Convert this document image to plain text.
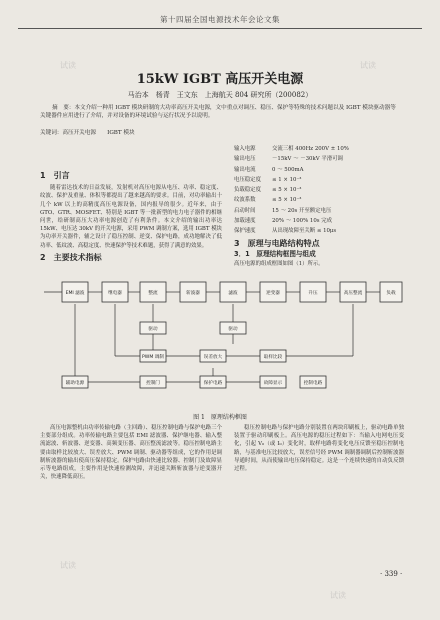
第十四届全国电源技术年会论文集
15kW IGBT 高压开关电源
马治本　杨青　王文东　上海航天 804 研究所（200082）
摘　要：本文介绍一种用 IGBT 模块研制的大功率高压开关电源，文中重点对调压、稳压、保护等特殊的技术问题以及 IGBT 模块驱动器等关键器件应用进行了介绍，并对设备的环境试验与运行状况予以说明。
关键词：高压开关电源　　IGBT 模块
1　引言

随着雷达技术的日益发展，发射机对高压电源从电压、功率、稳定度、纹波、保护及重量、体积等都提出了越来越高的要求。目前，对功率输出十几个 kW 以上的高精度高压电源设备，国内报导的很少。近年来，由于 GTO、GTR、MOSFET、特别是 IGBT 等一批新型的电力电子器件的相继问世，给研制高压大功率电源创造了有利条件。本文介绍的输出功率达 15kW、电压达 30kV 的开关电源，采用 PWM 调制方案，选用 IGBT 模块为功率开关器件，辅之设计了稳压控制、逆变、保护电路，成功地解决了低功率、低纹波、高稳定度、快速保护等技术难题，获得了满意的效果。

2　主要技术指标
输入电源	交流三相 400Hz 200V ± 10%
输出电压	－15kV ～ －30kV 平滑可调
输出电流	0 ～ 500mA
电压稳定度	≤ 1 × 10⁻³
负载稳定度	≤ 5 × 10⁻³
纹波系数	≤ 5 × 10⁻³
启动时间	15 ～ 20s 开至额定电压
加载速度	20% ～ 100% 10s 完成
保护速度	从出现故障至关断 ≤ 10μs
3　原理与电路结构特点
3．1　原理结构框图与组成
高压电源的组成框图如图（1）所示。
EMI 滤波	继电器	整流	斩波器	滤波	逆变器	升压	高压整流	负载
驱动	驱动
PWM 调制	误差放大	取样比较
保护电路	故障显示
控制门
辅助电源	控制电路
图 1　原理结构框图

高压电源整机由功率传输电路（主回路）、稳压控制电路与保护电路三个主要部分组成。功率传输电路主要包括 EMI 滤波器、保护继电器、输入整流滤波、斩波器、逆变器、高频变压器、高压整流滤波等。稳压控制电路主要由取样比较放大、误差放大、PWM 调制、驱动器等组成，它的作用是调制斩波器的输出使高压保持稳定。保护电路由快速比较器、控制门及故障显示等电路组成，主要作用是快速检测故障，并迅速关断斩波器与逆变器开关，快速降低高压。

稳压控制电路与保护电路分别装置在两块印刷板上，驱动电路单独装置于驱动印刷板上。高压电源的稳压过程如下：当输入电网电压变化，引起 V₀（或 I₀）变化时，取样电路将变化电压反馈至稳压控制电路，与基准电压比较放大，误差信号经 PWM 调制器调制后控制斩波器导通时间，从而使输出电压保持稳定。这是一个连续快速的自动负反馈过程。

· 339 ·
试读	试读
试读
试读
